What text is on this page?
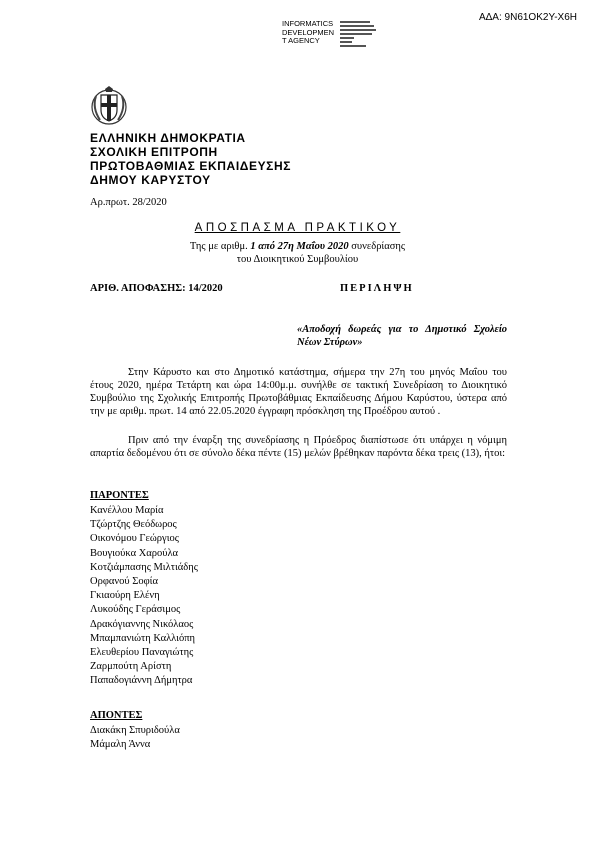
ΑΔΑ: 9Ν61ΟΚ2Υ-Χ6Η
INFORMATICS
DEVELOPMEN
T AGENCY
ΕΛΛΗΝΙΚΗ ΔΗΜΟΚΡΑΤΙΑ
ΣΧΟΛΙΚΗ ΕΠΙΤΡΟΠΗ
ΠΡΩΤΟΒΑΘΜΙΑΣ ΕΚΠΑΙΔΕΥΣΗΣ
ΔΗΜΟΥ ΚΑΡΥΣΤΟΥ
Αρ.πρωτ. 28/2020
ΑΠΟΣΠΑΣΜΑ ΠΡΑΚΤΙΚΟΥ
Της με αριθμ. 1 από 27η Μαΐου 2020 συνεδρίασης
του Διοικητικού Συμβουλίου
ΑΡΙΘ. ΑΠΟΦΑΣΗΣ: 14/2020	ΠΕΡΙΛΗΨΗ
«Αποδοχή δωρεάς για το Δημοτικό Σχολείο Νέων Στύρων»
Στην Κάρυστο και στο Δημοτικό κατάστημα, σήμερα την 27η του μηνός Μαΐου του έτους 2020, ημέρα Τετάρτη και ώρα 14:00μ.μ. συνήλθε σε τακτική Συνεδρίαση το Διοικητικό Συμβούλιο της Σχολικής Επιτροπής Πρωτοβάθμιας Εκπαίδευσης Δήμου Καρύστου, ύστερα από την με αριθμ. πρωτ. 14 από 22.05.2020 έγγραφη πρόσκληση της Προέδρου αυτού .
Πριν από την έναρξη της συνεδρίασης η Πρόεδρος διαπίστωσε ότι υπάρχει η νόμιμη απαρτία δεδομένου ότι σε σύνολο δέκα πέντε (15) μελών βρέθηκαν παρόντα δέκα τρεις (13), ήτοι:
ΠΑΡΟΝΤΕΣ
Κανέλλου Μαρία
Τζώρτζης Θεόδωρος
Οικονόμου Γεώργιος
Βουγιούκα Χαρούλα
Κοτζιάμπασης Μιλτιάδης
Ορφανού Σοφία
Γκιαούρη Ελένη
Λυκούδης Γεράσιμος
Δρακόγιαννης Νικόλαος
Μπαμπανιώτη Καλλιόπη
Ελευθερίου Παναγιώτης
Ζαρμπούτη Αρίστη
Παπαδογιάννη Δήμητρα
ΑΠΟΝΤΕΣ
Διακάκη Σπυριδούλα
Μάμαλη Άννα
